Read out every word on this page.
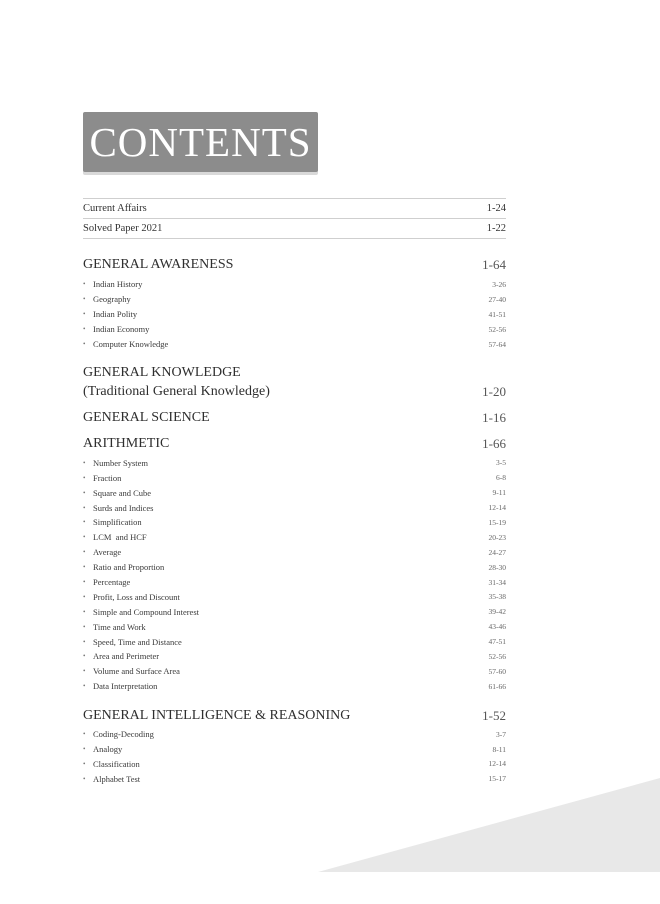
CONTENTS
Current Affairs	1-24
Solved Paper 2021	1-22
GENERAL AWARENESS	1-64
• Indian History	3-26
• Geography	27-40
• Indian Polity	41-51
• Indian Economy	52-56
• Computer Knowledge	57-64
GENERAL KNOWLEDGE
(Traditional General Knowledge)	1-20
GENERAL SCIENCE	1-16
ARITHMETIC	1-66
• Number System	3-5
• Fraction	6-8
• Square and Cube	9-11
• Surds and Indices	12-14
• Simplification	15-19
• LCM  and HCF	20-23
• Average	24-27
• Ratio and Proportion	28-30
• Percentage	31-34
• Profit, Loss and Discount	35-38
• Simple and Compound Interest	39-42
• Time and Work	43-46
• Speed, Time and Distance	47-51
• Area and Perimeter	52-56
• Volume and Surface Area	57-60
• Data Interpretation	61-66
GENERAL INTELLIGENCE & REASONING	1-52
• Coding-Decoding	3-7
• Analogy	8-11
• Classification	12-14
• Alphabet Test	15-17
